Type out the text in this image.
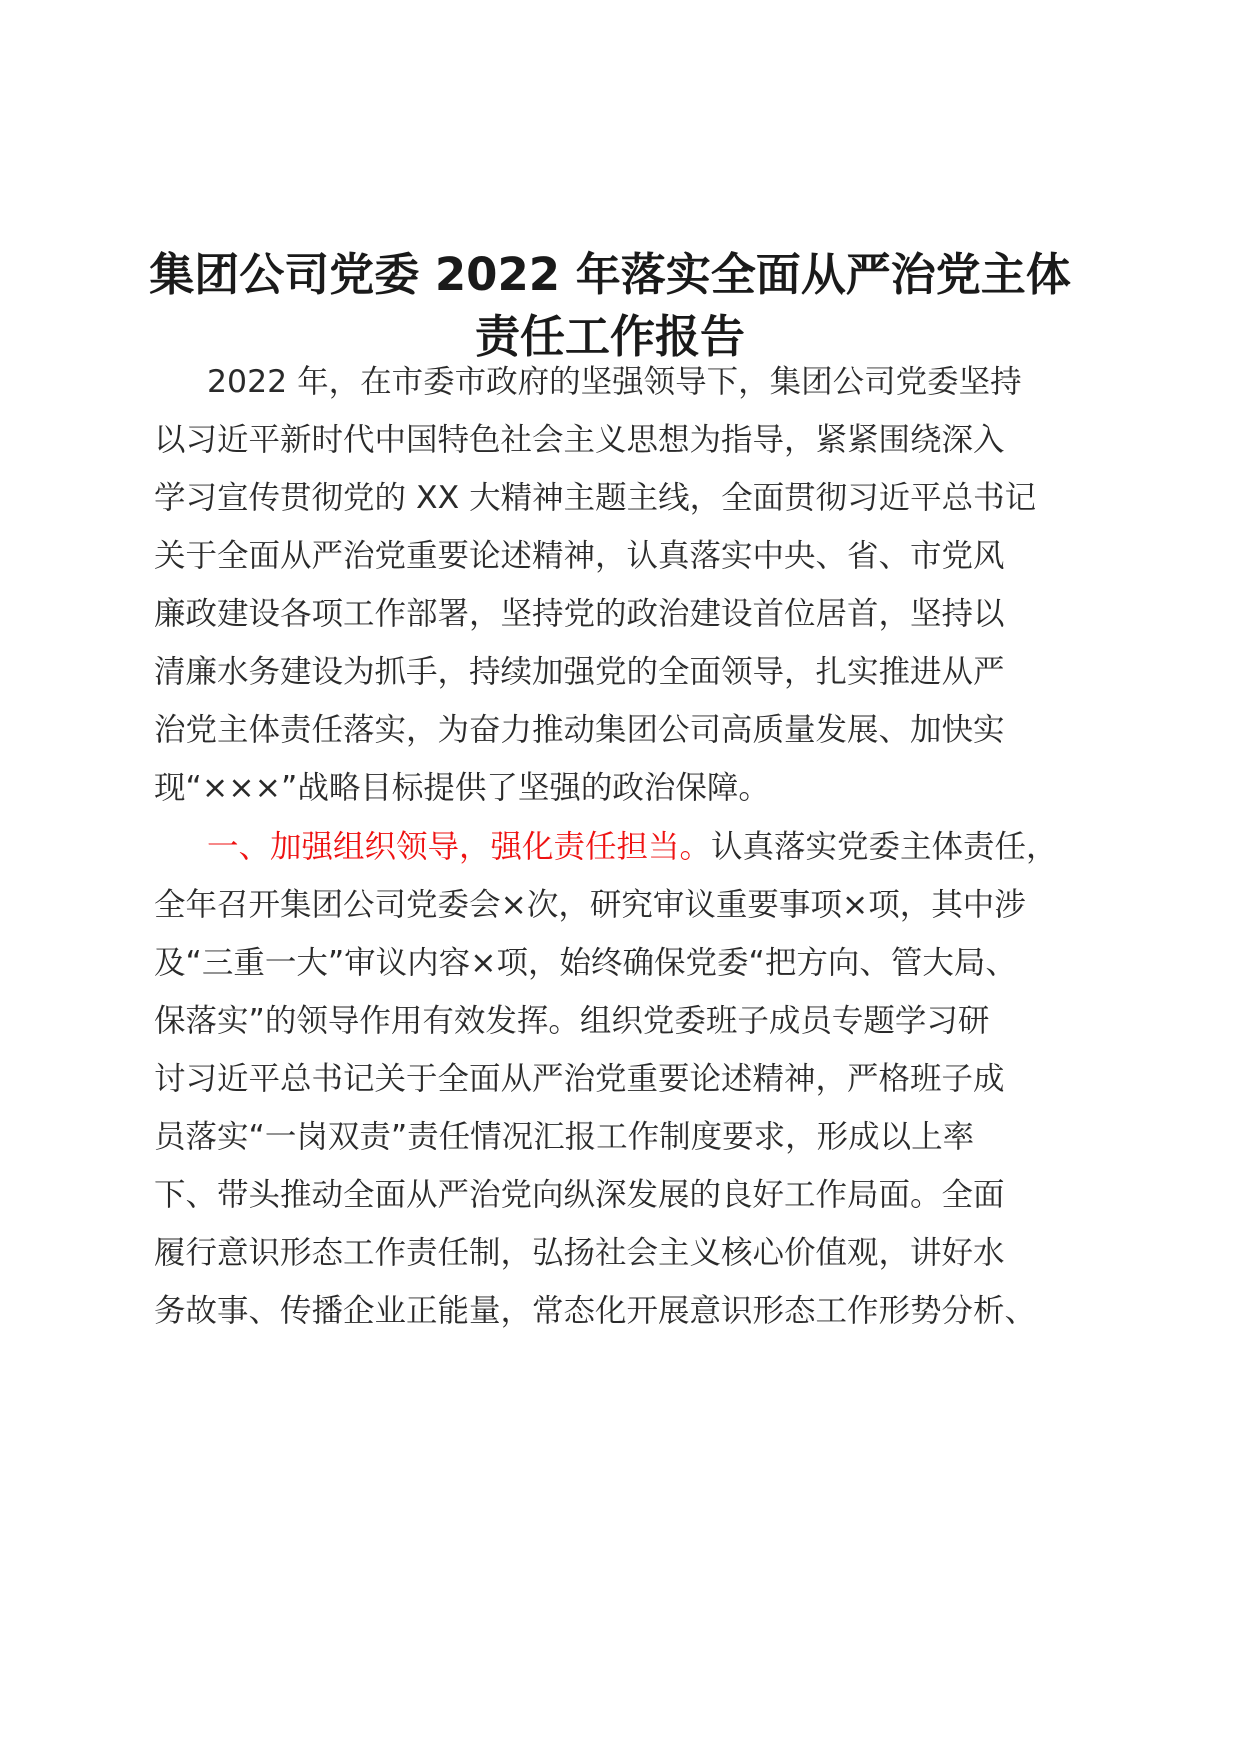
集团公司党委 2022 年落实全面从严治党主体
责任工作报告
2022 年，在市委市政府的坚强领导下，集团公司党委坚持
以习近平新时代中国特色社会主义思想为指导，紧紧围绕深入
学习宣传贯彻党的 XX 大精神主题主线，全面贯彻习近平总书记
关于全面从严治党重要论述精神，认真落实中央、省、市党风
廉政建设各项工作部署，坚持党的政治建设首位居首，坚持以
清廉水务建设为抓手，持续加强党的全面领导，扎实推进从严
治党主体责任落实，为奋力推动集团公司高质量发展、加快实
现“×××”战略目标提供了坚强的政治保障。
一、加强组织领导，强化责任担当。认真落实党委主体责任，
全年召开集团公司党委会×次，研究审议重要事项×项，其中涉
及“三重一大”审议内容×项，始终确保党委“把方向、管大局、
保落实”的领导作用有效发挥。组织党委班子成员专题学习研
讨习近平总书记关于全面从严治党重要论述精神，严格班子成
员落实“一岗双责”责任情况汇报工作制度要求，形成以上率
下、带头推动全面从严治党向纵深发展的良好工作局面。全面
履行意识形态工作责任制，弘扬社会主义核心价值观，讲好水
务故事、传播企业正能量，常态化开展意识形态工作形势分析、
